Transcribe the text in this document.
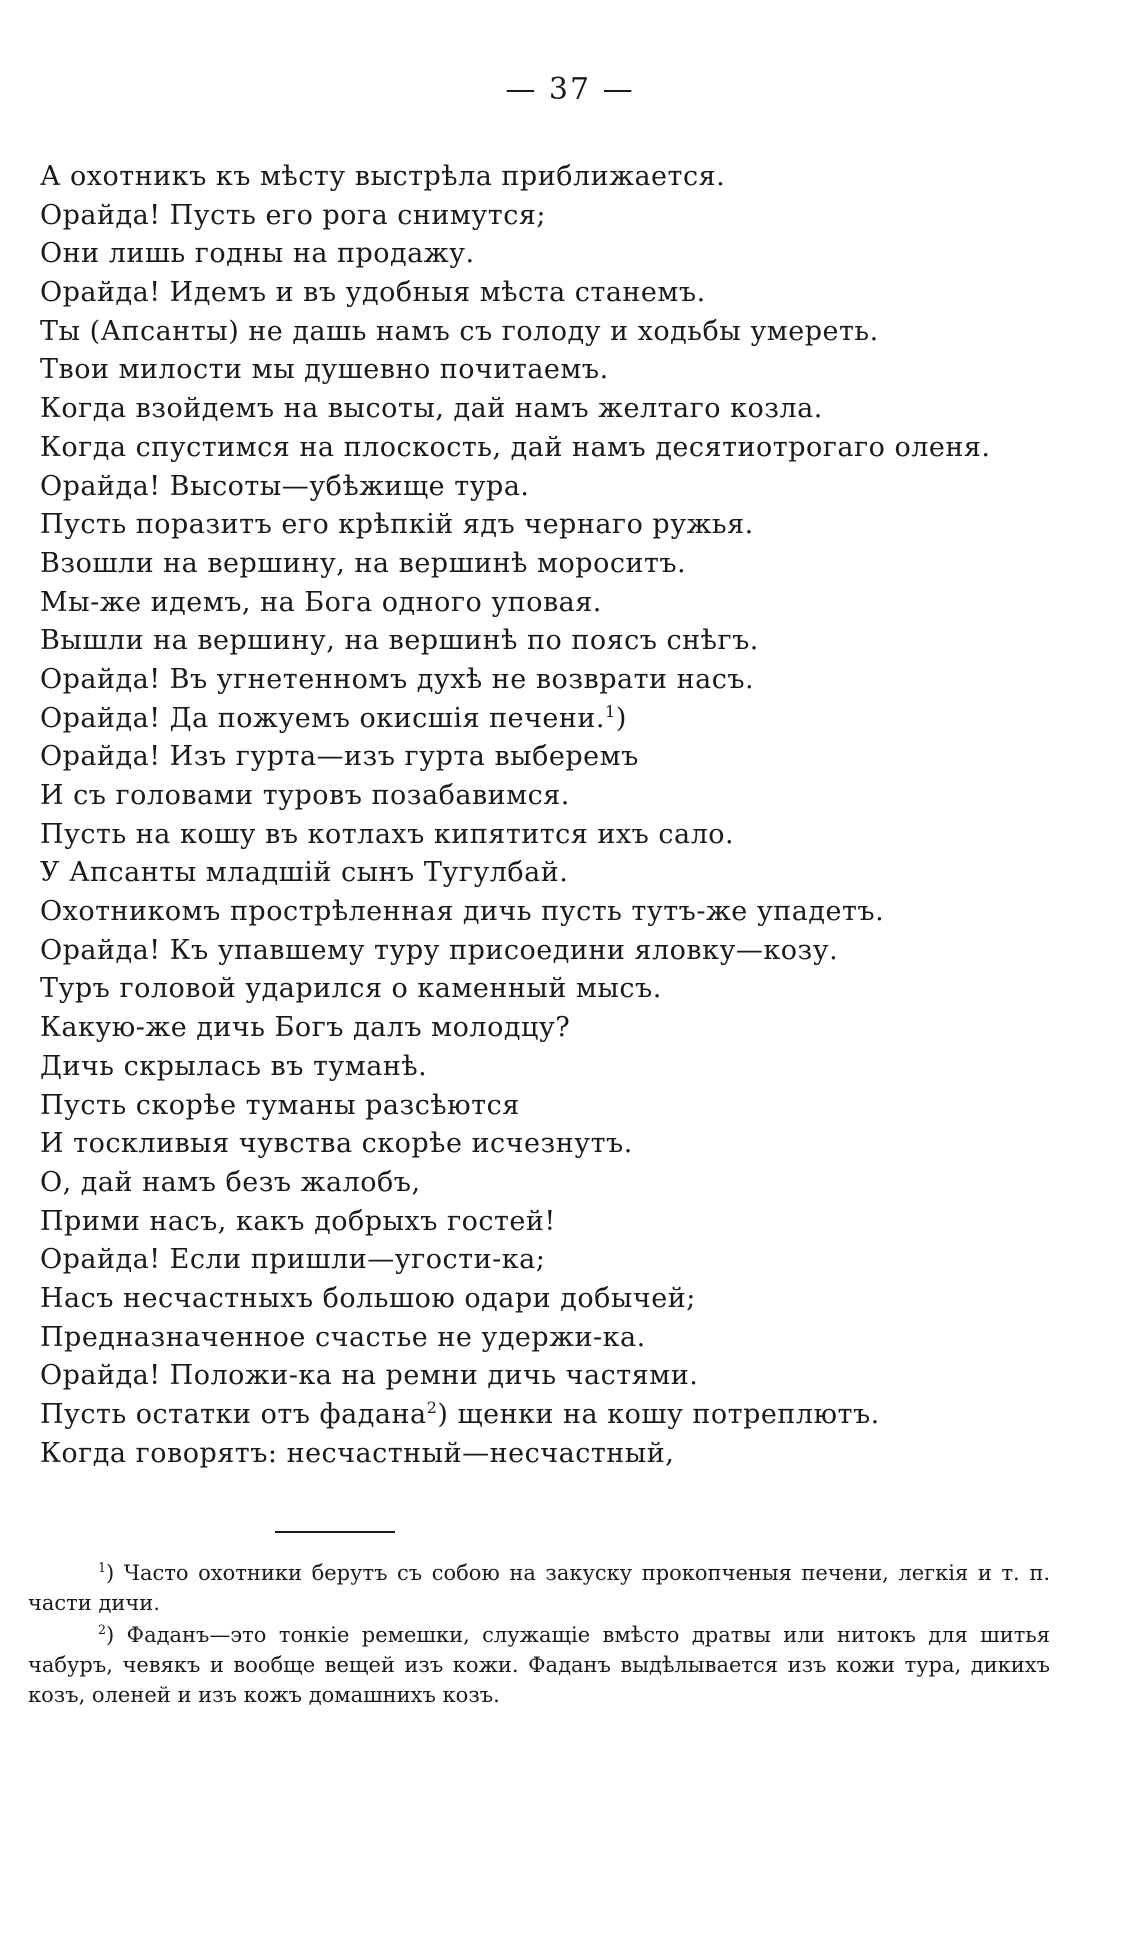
— 37 —
А охотникъ къ мѣсту выстрѣла приближается.
Орайда! Пусть его рога снимутся;
Они лишь годны на продажу.
Орайда! Идемъ и въ удобныя мѣста станемъ.
Ты (Апсанты) не дашь намъ съ голоду и ходьбы умереть.
Твои милости мы душевно почитаемъ.
Когда взойдемъ на высоты, дай намъ желтаго козла.
Когда спустимся на плоскость, дай намъ десятиотрогаго оленя.
Орайда! Высоты—убѣжище тура.
Пусть поразитъ его крѣпкій ядъ чернаго ружья.
Взошли на вершину, на вершинѣ мороситъ.
Мы-же идемъ, на Бога одного уповая.
Вышли на вершину, на вершинѣ по поясъ снѣгъ.
Орайда! Въ угнетенномъ духѣ не возврати насъ.
Орайда! Да пожуемъ окисшія печени.$^1$)
Орайда! Изъ гурта—изъ гурта выберемъ
И съ головами туровъ позабавимся.
Пусть на кошу въ котлахъ кипятится ихъ сало.
У Апсанты младшій сынъ Тугулбай.
Охотникомъ прострѣленная дичь пусть тутъ-же упадетъ.
Орайда! Къ упавшему туру присоедини яловку—козу.
Туръ головой ударился о каменный мысъ.
Какую-же дичь Богъ далъ молодцу?
Дичь скрылась въ туманѣ.
Пусть скорѣе туманы разсѣются
И тоскливыя чувства скорѣе исчезнутъ.
О, дай намъ безъ жалобъ,
Прими насъ, какъ добрыхъ гостей!
Орайда! Если пришли—угости-ка;
Насъ несчастныхъ большою одари добычей;
Предназначенное счастье не удержи-ка.
Орайда! Положи-ка на ремни дичь частями.
Пусть остатки отъ фадана$^2$) щенки на кошу потреплютъ.
Когда говорятъ: несчастный—несчастный,

$^1$) Часто охотники берутъ съ собою на закуску прокопченыя печени, легкія и т. п. части дичи.

$^2$) Фаданъ—это тонкіе ремешки, служащіе вмѣсто дратвы или нитокъ для шитья чабуръ, чевякъ и вообще вещей изъ кожи. Фаданъ выдѣлывается изъ кожи тура, дикихъ козъ, оленей и изъ кожъ домашнихъ козъ.
